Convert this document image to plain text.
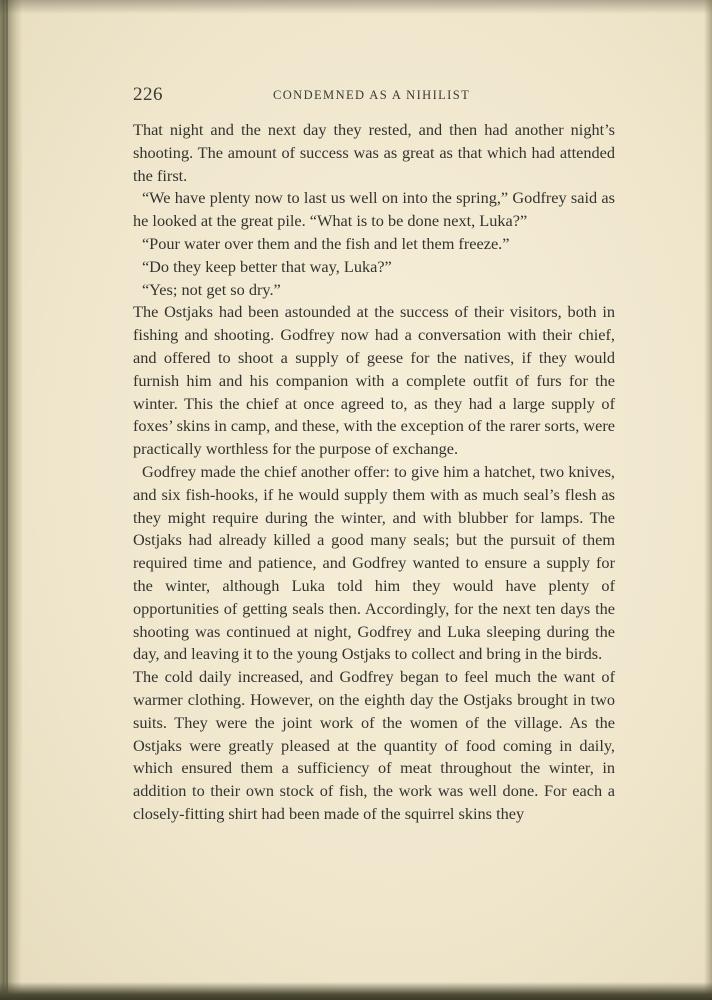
226	CONDEMNED AS A NIHILIST

That night and the next day they rested, and then had another night’s shooting. The amount of success was as great as that which had attended the first.

“We have plenty now to last us well on into the spring,” Godfrey said as he looked at the great pile. “What is to be done next, Luka?”

“Pour water over them and the fish and let them freeze.”

“Do they keep better that way, Luka?”

“Yes; not get so dry.”

The Ostjaks had been astounded at the success of their visitors, both in fishing and shooting. Godfrey now had a conversation with their chief, and offered to shoot a supply of geese for the natives, if they would furnish him and his companion with a complete outfit of furs for the winter. This the chief at once agreed to, as they had a large supply of foxes’ skins in camp, and these, with the exception of the rarer sorts, were practically worthless for the purpose of exchange.

Godfrey made the chief another offer: to give him a hatchet, two knives, and six fish-hooks, if he would supply them with as much seal’s flesh as they might require during the winter, and with blubber for lamps. The Ostjaks had already killed a good many seals; but the pursuit of them required time and patience, and Godfrey wanted to ensure a supply for the winter, although Luka told him they would have plenty of opportunities of getting seals then. Accordingly, for the next ten days the shooting was continued at night, Godfrey and Luka sleeping during the day, and leaving it to the young Ostjaks to collect and bring in the birds.

The cold daily increased, and Godfrey began to feel much the want of warmer clothing. However, on the eighth day the Ostjaks brought in two suits. They were the joint work of the women of the village. As the Ostjaks were greatly pleased at the quantity of food coming in daily, which ensured them a sufficiency of meat throughout the winter, in addition to their own stock of fish, the work was well done. For each a closely-fitting shirt had been made of the squirrel skins they
